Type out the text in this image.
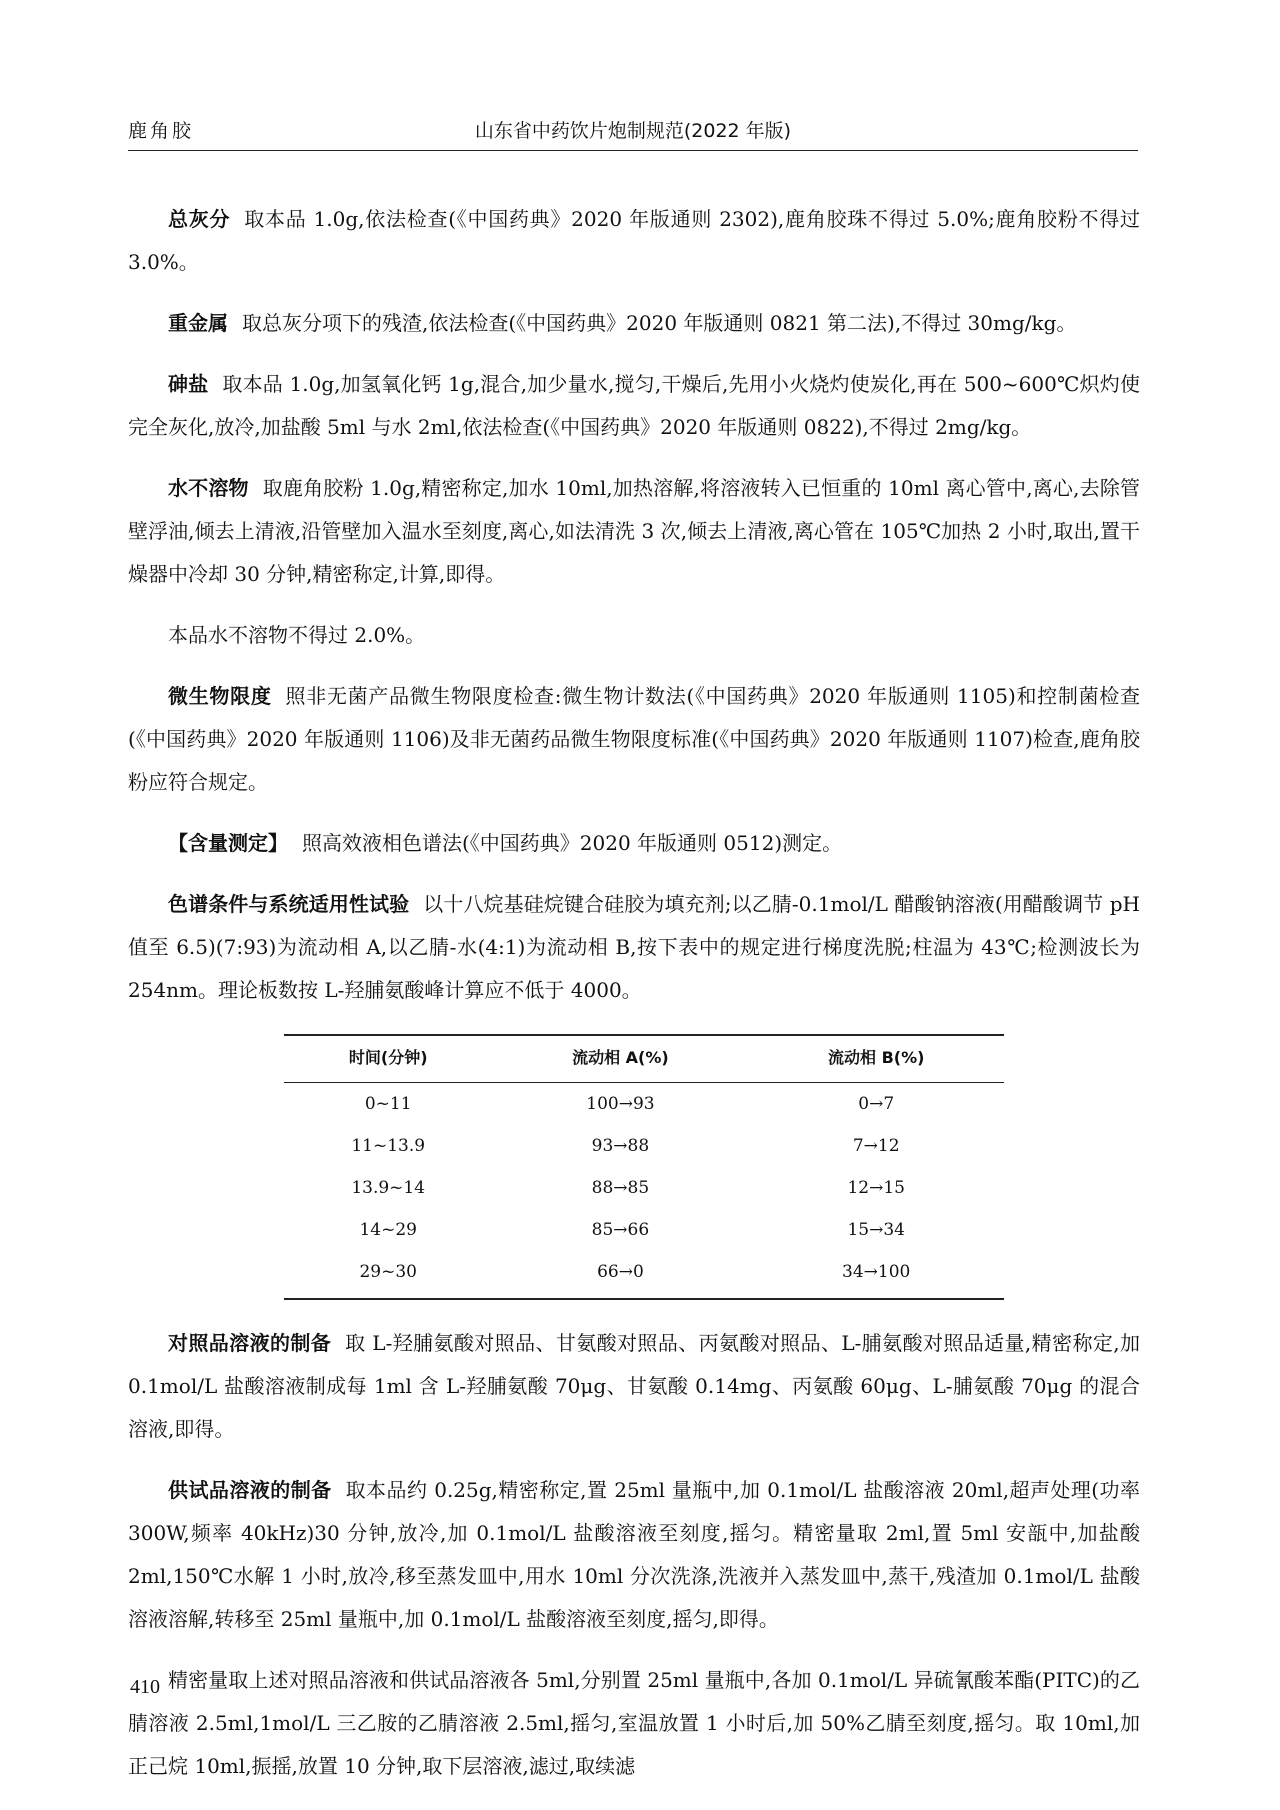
鹿角胶	山东省中药饮片炮制规范(2022 年版)

总灰分 取本品 1.0g,依法检查(《中国药典》2020 年版通则 2302),鹿角胶珠不得过 5.0%;鹿角胶粉不得过 3.0%。

重金属 取总灰分项下的残渣,依法检查(《中国药典》2020 年版通则 0821 第二法),不得过 30mg/kg。

砷盐 取本品 1.0g,加氢氧化钙 1g,混合,加少量水,搅匀,干燥后,先用小火烧灼使炭化,再在 500~600℃炽灼使完全灰化,放冷,加盐酸 5ml 与水 2ml,依法检查(《中国药典》2020 年版通则 0822),不得过 2mg/kg。

水不溶物 取鹿角胶粉 1.0g,精密称定,加水 10ml,加热溶解,将溶液转入已恒重的 10ml 离心管中,离心,去除管壁浮油,倾去上清液,沿管壁加入温水至刻度,离心,如法清洗 3 次,倾去上清液,离心管在 105℃加热 2 小时,取出,置干燥器中冷却 30 分钟,精密称定,计算,即得。

本品水不溶物不得过 2.0%。

微生物限度 照非无菌产品微生物限度检查:微生物计数法(《中国药典》2020 年版通则 1105)和控制菌检查(《中国药典》2020 年版通则 1106)及非无菌药品微生物限度标准(《中国药典》2020 年版通则 1107)检查,鹿角胶粉应符合规定。

【含量测定】 照高效液相色谱法(《中国药典》2020 年版通则 0512)测定。

色谱条件与系统适用性试验 以十八烷基硅烷键合硅胶为填充剂;以乙腈-0.1mol/L 醋酸钠溶液(用醋酸调节 pH 值至 6.5)(7:93)为流动相 A,以乙腈-水(4:1)为流动相 B,按下表中的规定进行梯度洗脱;柱温为 43℃;检测波长为 254nm。理论板数按 L-羟脯氨酸峰计算应不低于 4000。

时间(分钟)	流动相 A(%)	流动相 B(%)
0~11	100→93	0→7
11~13.9	93→88	7→12
13.9~14	88→85	12→15
14~29	85→66	15→34
29~30	66→0	34→100

对照品溶液的制备 取 L-羟脯氨酸对照品、甘氨酸对照品、丙氨酸对照品、L-脯氨酸对照品适量,精密称定,加 0.1mol/L 盐酸溶液制成每 1ml 含 L-羟脯氨酸 70μg、甘氨酸 0.14mg、丙氨酸 60μg、L-脯氨酸 70μg 的混合溶液,即得。

供试品溶液的制备 取本品约 0.25g,精密称定,置 25ml 量瓶中,加 0.1mol/L 盐酸溶液 20ml,超声处理(功率 300W,频率 40kHz)30 分钟,放冷,加 0.1mol/L 盐酸溶液至刻度,摇匀。精密量取 2ml,置 5ml 安瓿中,加盐酸 2ml,150℃水解 1 小时,放冷,移至蒸发皿中,用水 10ml 分次洗涤,洗液并入蒸发皿中,蒸干,残渣加 0.1mol/L 盐酸溶液溶解,转移至 25ml 量瓶中,加 0.1mol/L 盐酸溶液至刻度,摇匀,即得。

精密量取上述对照品溶液和供试品溶液各 5ml,分别置 25ml 量瓶中,各加 0.1mol/L 异硫氰酸苯酯(PITC)的乙腈溶液 2.5ml,1mol/L 三乙胺的乙腈溶液 2.5ml,摇匀,室温放置 1 小时后,加 50%乙腈至刻度,摇匀。取 10ml,加正己烷 10ml,振摇,放置 10 分钟,取下层溶液,滤过,取续滤

410
